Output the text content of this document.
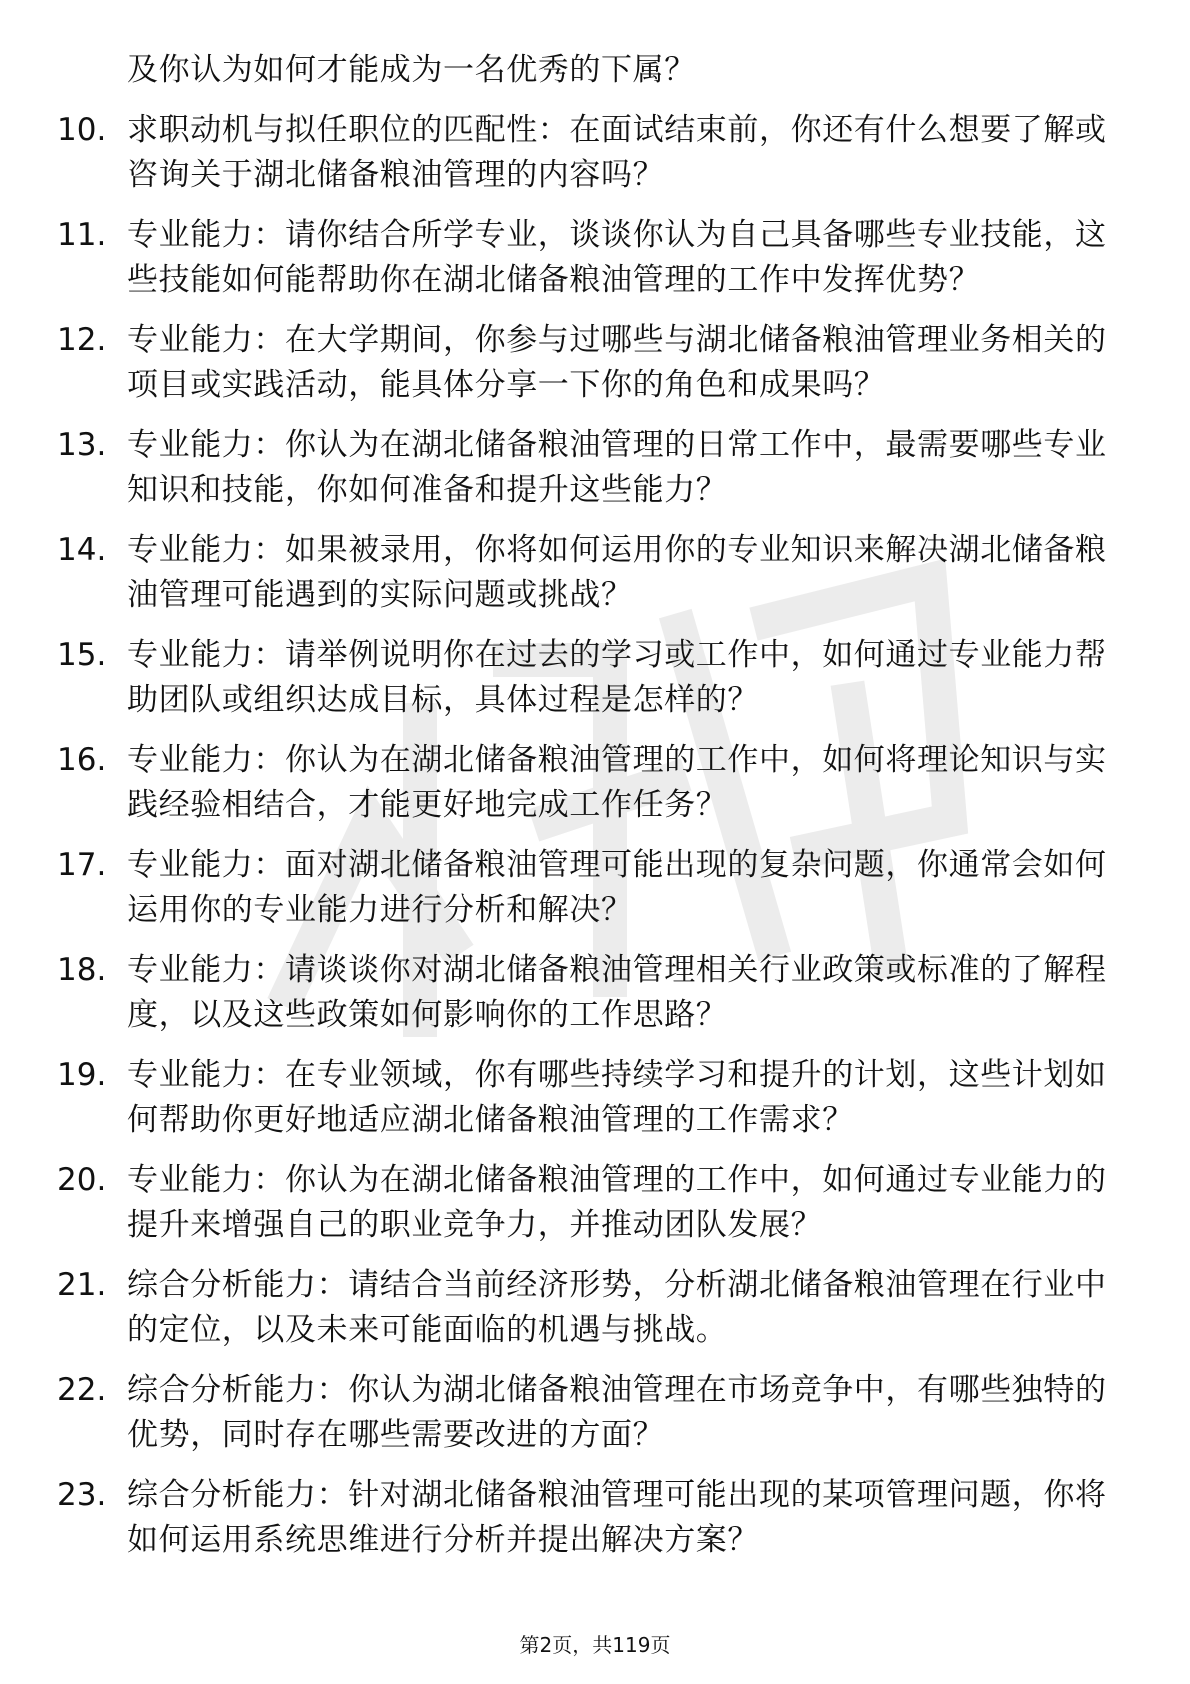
及你认为如何才能成为一名优秀的下属？
10. 求职动机与拟任职位的匹配性：在面试结束前，你还有什么想要了解或咨询关于湖北储备粮油管理的内容吗？
11. 专业能力：请你结合所学专业，谈谈你认为自己具备哪些专业技能，这些技能如何能帮助你在湖北储备粮油管理的工作中发挥优势？
12. 专业能力：在大学期间，你参与过哪些与湖北储备粮油管理业务相关的项目或实践活动，能具体分享一下你的角色和成果吗？
13. 专业能力：你认为在湖北储备粮油管理的日常工作中，最需要哪些专业知识和技能，你如何准备和提升这些能力？
14. 专业能力：如果被录用，你将如何运用你的专业知识来解决湖北储备粮油管理可能遇到的实际问题或挑战？
15. 专业能力：请举例说明你在过去的学习或工作中，如何通过专业能力帮助团队或组织达成目标，具体过程是怎样的？
16. 专业能力：你认为在湖北储备粮油管理的工作中，如何将理论知识与实践经验相结合，才能更好地完成工作任务？
17. 专业能力：面对湖北储备粮油管理可能出现的复杂问题，你通常会如何运用你的专业能力进行分析和解决？
18. 专业能力：请谈谈你对湖北储备粮油管理相关行业政策或标准的了解程度，以及这些政策如何影响你的工作思路？
19. 专业能力：在专业领域，你有哪些持续学习和提升的计划，这些计划如何帮助你更好地适应湖北储备粮油管理的工作需求？
20. 专业能力：你认为在湖北储备粮油管理的工作中，如何通过专业能力的提升来增强自己的职业竞争力，并推动团队发展？
21. 综合分析能力：请结合当前经济形势，分析湖北储备粮油管理在行业中的定位，以及未来可能面临的机遇与挑战。
22. 综合分析能力：你认为湖北储备粮油管理在市场竞争中，有哪些独特的优势，同时存在哪些需要改进的方面？
23. 综合分析能力：针对湖北储备粮油管理可能出现的某项管理问题，你将如何运用系统思维进行分析并提出解决方案？
第2页，共119页
